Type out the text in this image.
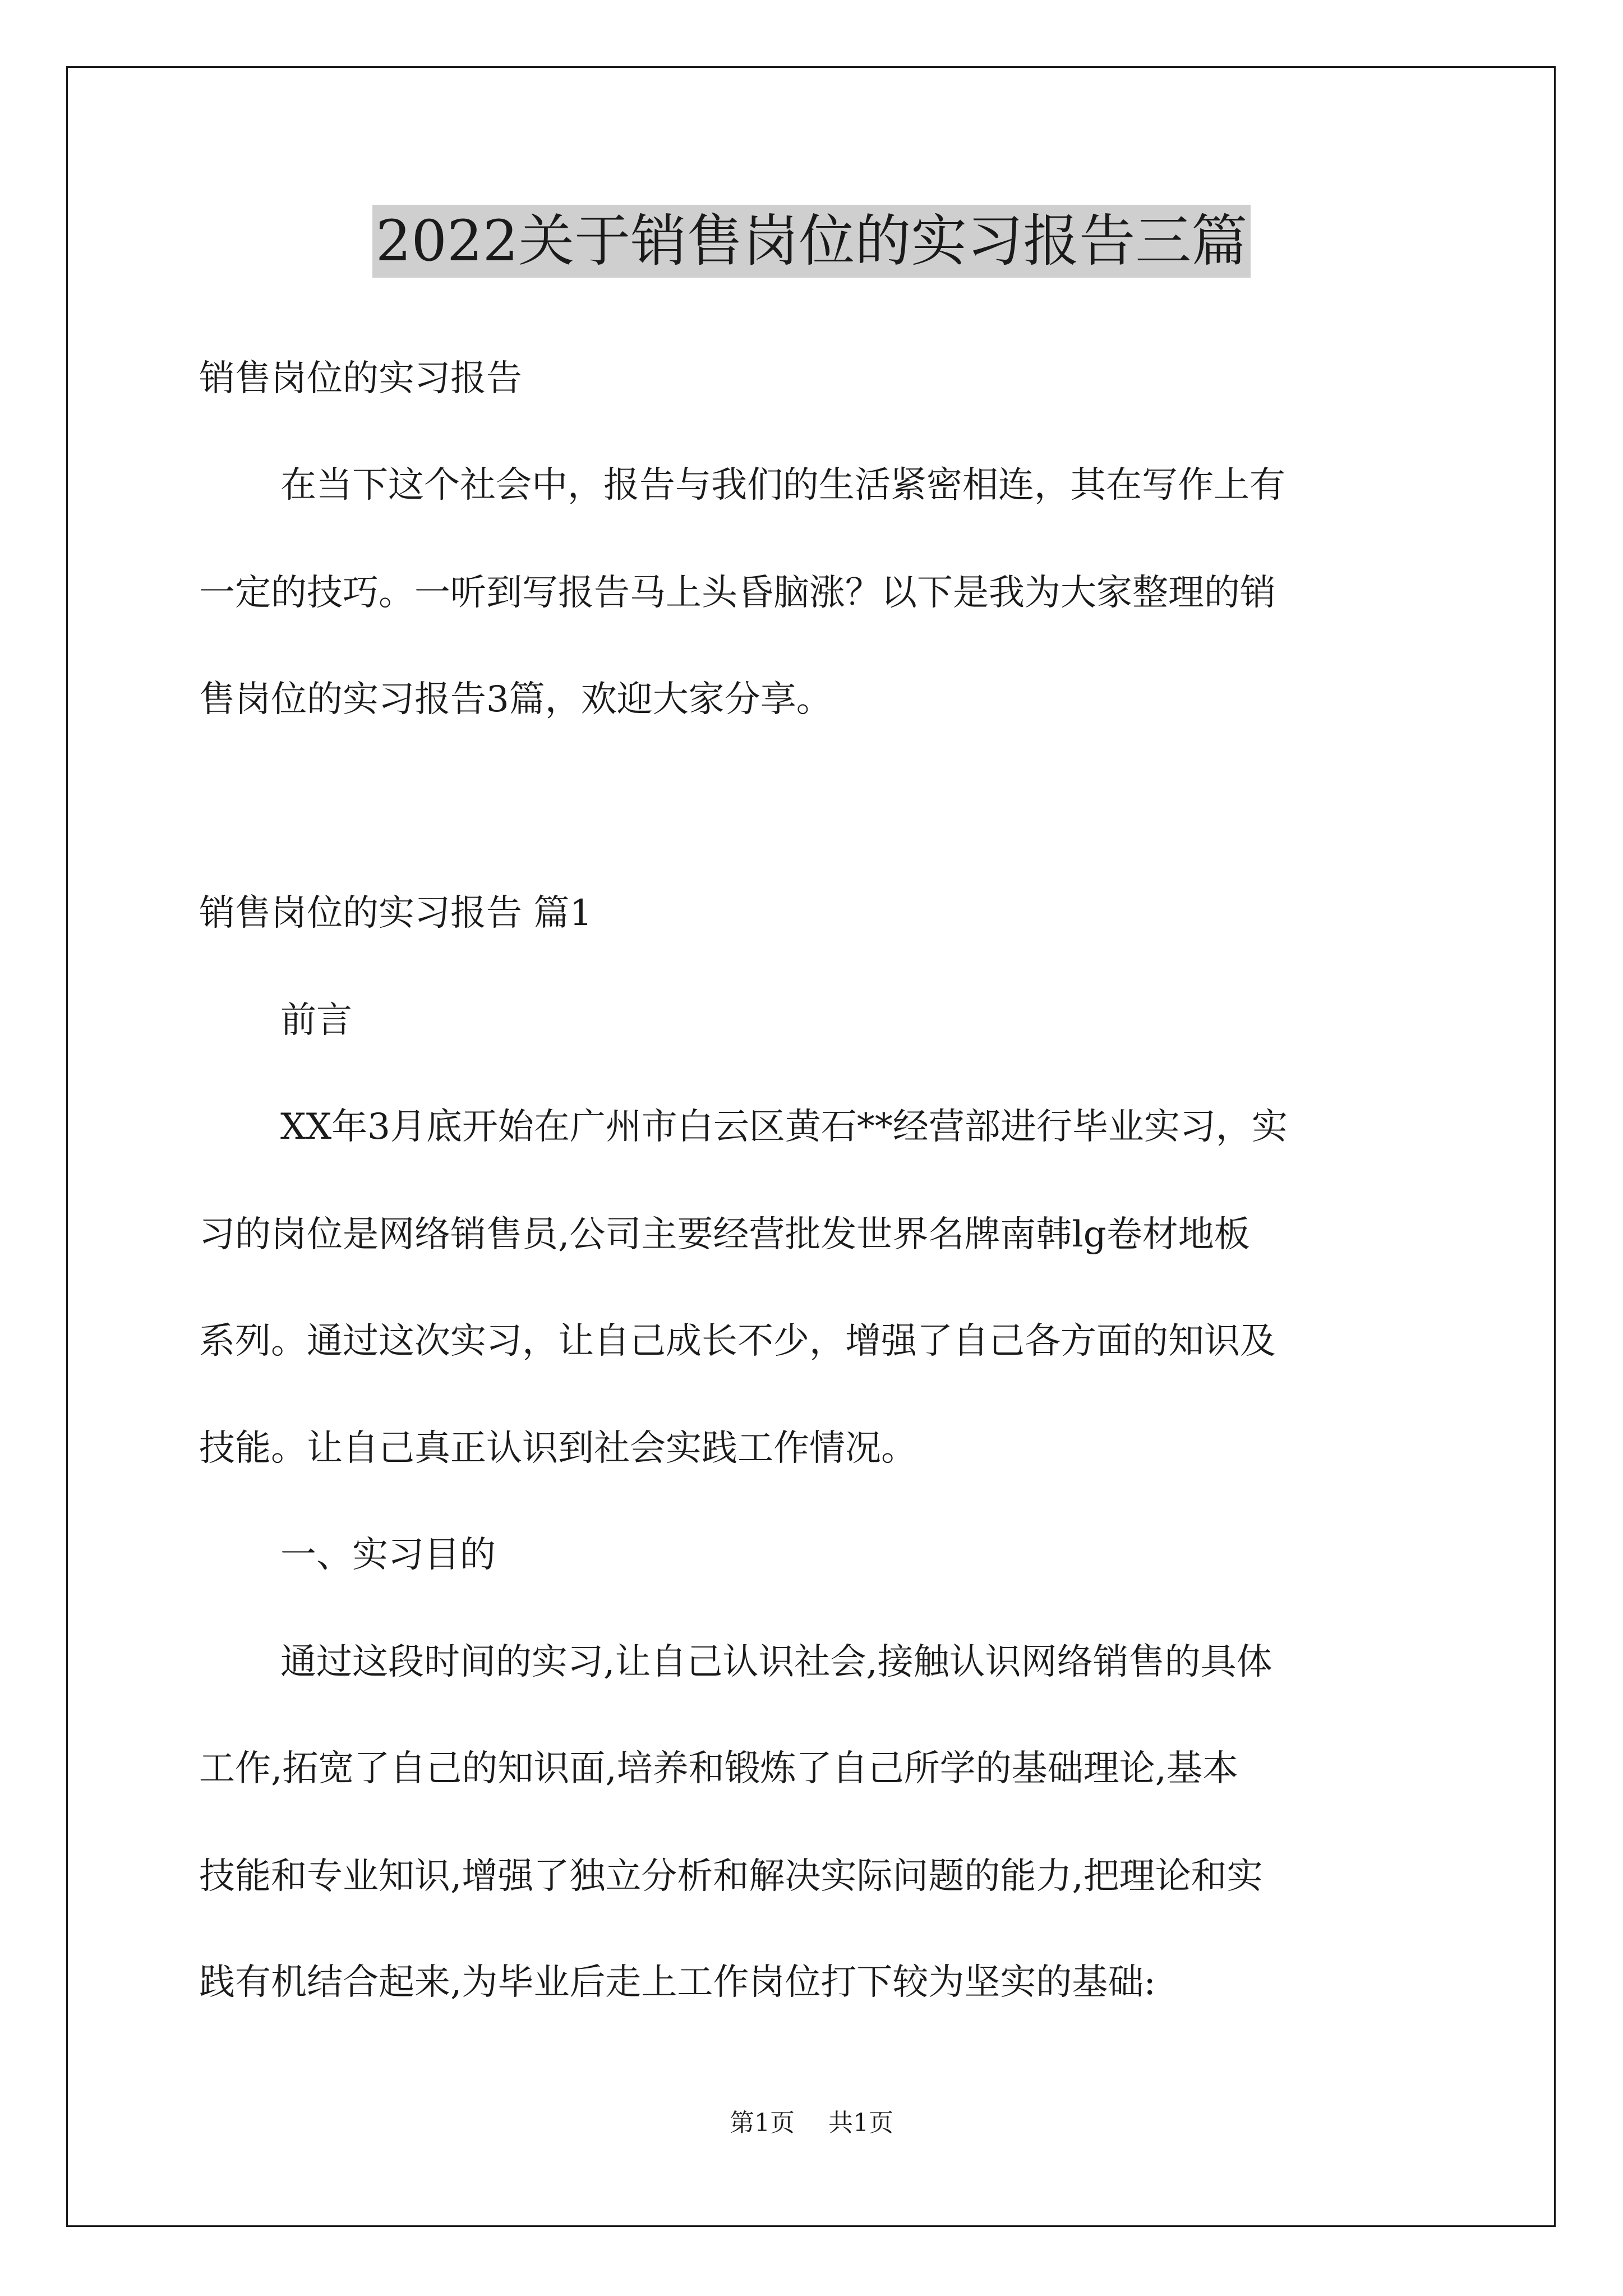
2022关于销售岗位的实习报告三篇
销售岗位的实习报告
在当下这个社会中，报告与我们的生活紧密相连，其在写作上有
一定的技巧。一听到写报告马上头昏脑涨？以下是我为大家整理的销
售岗位的实习报告3篇，欢迎大家分享。
销售岗位的实习报告 篇1
前言
XX年3月底开始在广州市白云区黄石**经营部进行毕业实习，实
习的岗位是网络销售员,公司主要经营批发世界名牌南韩lg卷材地板
系列。通过这次实习，让自己成长不少，增强了自己各方面的知识及
技能。让自己真正认识到社会实践工作情况。
一、实习目的
通过这段时间的实习,让自己认识社会,接触认识网络销售的具体
工作,拓宽了自己的知识面,培养和锻炼了自己所学的基础理论,基本
技能和专业知识,增强了独立分析和解决实际问题的能力,把理论和实
践有机结合起来,为毕业后走上工作岗位打下较为坚实的基础:
第1页 共1页
